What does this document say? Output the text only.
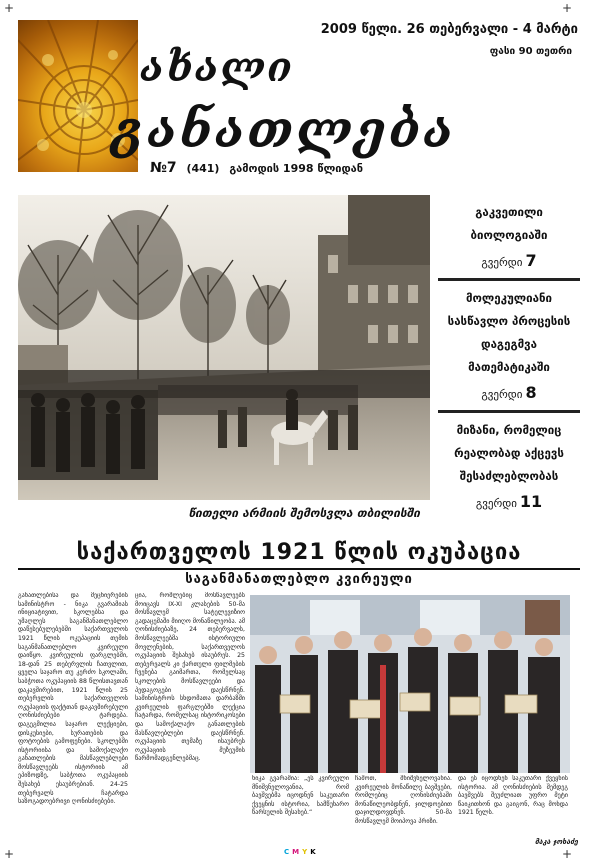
+	+
+	+
2009 წელი. 26 თებერვალი - 4 მარტი
ფასი 90 თეთრი
ახალი
განათლება
№7 (441) გამოდის 1998 წლიდან
წითელი არმიის შემოსვლა თბილისში
გაკვეთილი
ბიოლოგიაში
გვერდი 7
მოლეკულიანი
სასწავლო პროცესის
დაგეგმვა
მათემატიკაში
გვერდი 8
მიზანი, რომელიც
რეალობად აქცევს
შესაძლებლობას
გვერდი 11
საქართველოს 1921 წლის ოკუპაცია
საგანმანათლებლო კვირეული

განათლებისა და მეცნიერების სამინისტრო - ნიკა გვარამიას ინიციატივით, სკოლებსა და უმაღლეს საგანმანათლებლო დაწესებულებებში საქართველოს 1921 წლის ოკუპაციის თემის საგანმანათლებლო კვირეული დაიწყო. კვირეულის ფარგლებში, 18-დან 25 თებერვლის ჩათვლით, ყველა საჯარო თუ კერძო სკოლაში, საბჭოთა ოკუპაციის 88 წლისთავთან დაკავშირებით, 1921 წლის 25 თებერვლის საქართველოს ოკუპაციის ფაქტთან დაკავშირებული ღონისძიებები ტარდება. დაგეგმილია საჯარო ლექციები, დისკუსიები, სურათების და ფოტოების გამოფენები. სკოლებში ისტორიისა და სამოქალაქო განათლების მასწავლებლები მოსწავლეებს ისტორიის ამ ეპიზოდზე, საბჭოთა ოკუპაციის შესახებ ესაუბრებიან. 24-25 თებერვალს ჩატარდა საზოგადოებრივი ღონისძიებები.

ცია, რომლებიც მოსწავლეებს მოიცავს IX-XI კლასების 50-მა მოსწავლემ სატელევიზიო გადაცემაში მიიღო მონაწილეობა. ამ ღონისძიებაზე, 24 თებერვალს, მოსწავლეებმა ისტორიული მოვლენების, საქართველოს ოკუპაციის შესახებ ისაუბრეს. 25 თებერვალს კი ქართული ფილმების ჩვენება გაიმართა, რომელსაც სკოლების მოსწავლეები და პედაგოგები დაესწრნენ. სამინისტროს სხდომათა დარბაზში კვირეულის ფარგლებში ლექცია ჩატარდა, რომელსაც ისტორიკოსები და სამოქალაქო განათლების მასწავლებლები დაესწრნენ. ოკუპაციის თემაზე ისაუბრეს ოკუპაციის მუზეუმის წარმომადგენლებმაც.

ნიკა გვარამია: „ეს კვირეული მნიშვნელოვანია, რომ ბავშვებმა იცოდნენ საკუთარი ქვეყნის ისტორია, სამწუხარო წარსულის შესახებ.“

ჩამოთ, მნიშვნელოვანია. კვირეულის მონაწილე ბავშვები, რომლებიც ღონისძიებაში მონაწილეობდნენ, ჯილდოებით დაჯილდოვდნენ. 50-მა მოსწავლემ მოიპოვა პრიზი.

და ეს იცოდნენ საკუთარი ქვეყნის ისტორია. ამ ღონისძიების შემდეგ ბავშვებს შეუძლიათ უფრო მეტი წაიკითხონ და გაიგონ, რაც მოხდა 1921 წელს.

მაკა ჯოხაძე
CMYK
